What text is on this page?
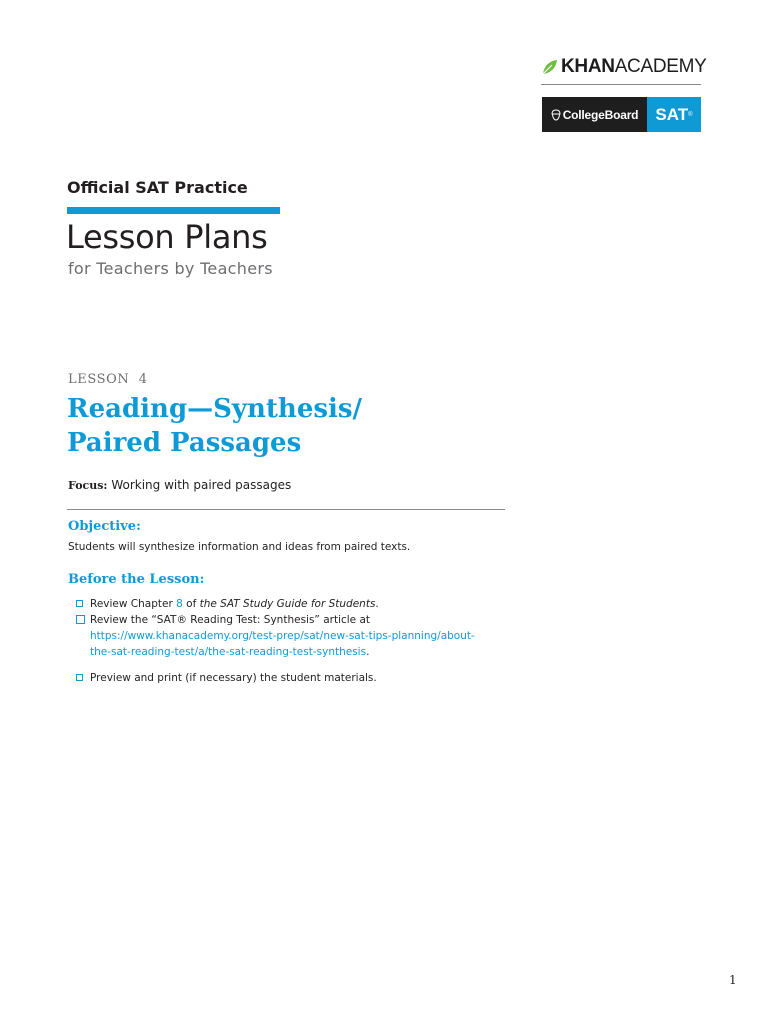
KHAN ACADEMY
CollegeBoard SAT ®
Official SAT Practice
Lesson Plans
for Teachers by Teachers
LESSON  4
Reading—Synthesis/
Paired Passages
Focus: Working with paired passages
Objective:
Students will synthesize information and ideas from paired texts.
Before the Lesson:
Review Chapter 8 of the SAT Study Guide for Students.
Review the “SAT® Reading Test: Synthesis” article at
https://www.khanacademy.org/test-prep/sat/new-sat-tips-planning/about-
the-sat-reading-test/a/the-sat-reading-test-synthesis.
Preview and print (if necessary) the student materials.
1
